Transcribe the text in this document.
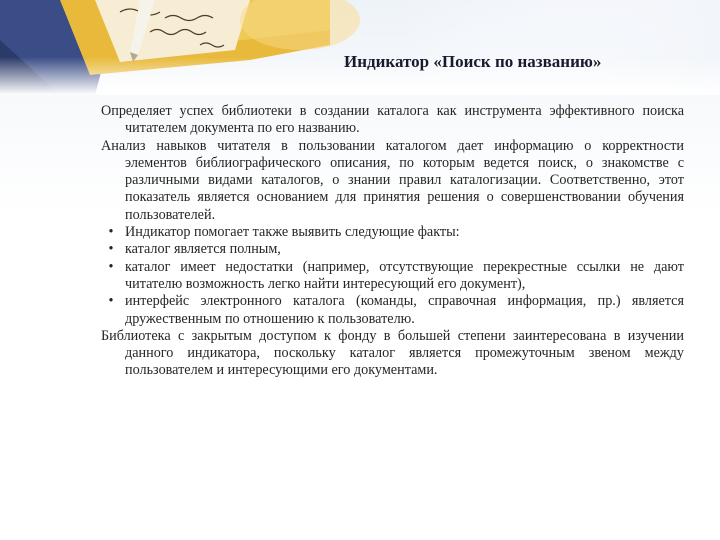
Индикатор «Поиск по названию»

Определяет успех библиотеки в создании каталога как инструмента эффективного поиска читателем документа по его названию.

Анализ навыков читателя в пользовании каталогом дает информацию о корректности элементов библиографического описания, по которым ведется поиск, о знакомстве с различными видами каталогов, о знании правил каталогизации. Соответственно, этот показатель является основанием для принятия решения о совершенствовании обучения пользователей.

• Индикатор помогает также выявить следующие факты:

• каталог является полным,

• каталог имеет недостатки (например, отсутствующие перекрестные ссылки не дают читателю возможность легко найти интересующий его документ),

• интерфейс электронного каталога (команды, справочная информация, пр.) является дружественным по отношению к пользователю.

Библиотека с закрытым доступом к фонду в большей степени заинтересована в изучении данного индикатора, поскольку каталог является промежуточным звеном между пользователем и интересующими его документами.
